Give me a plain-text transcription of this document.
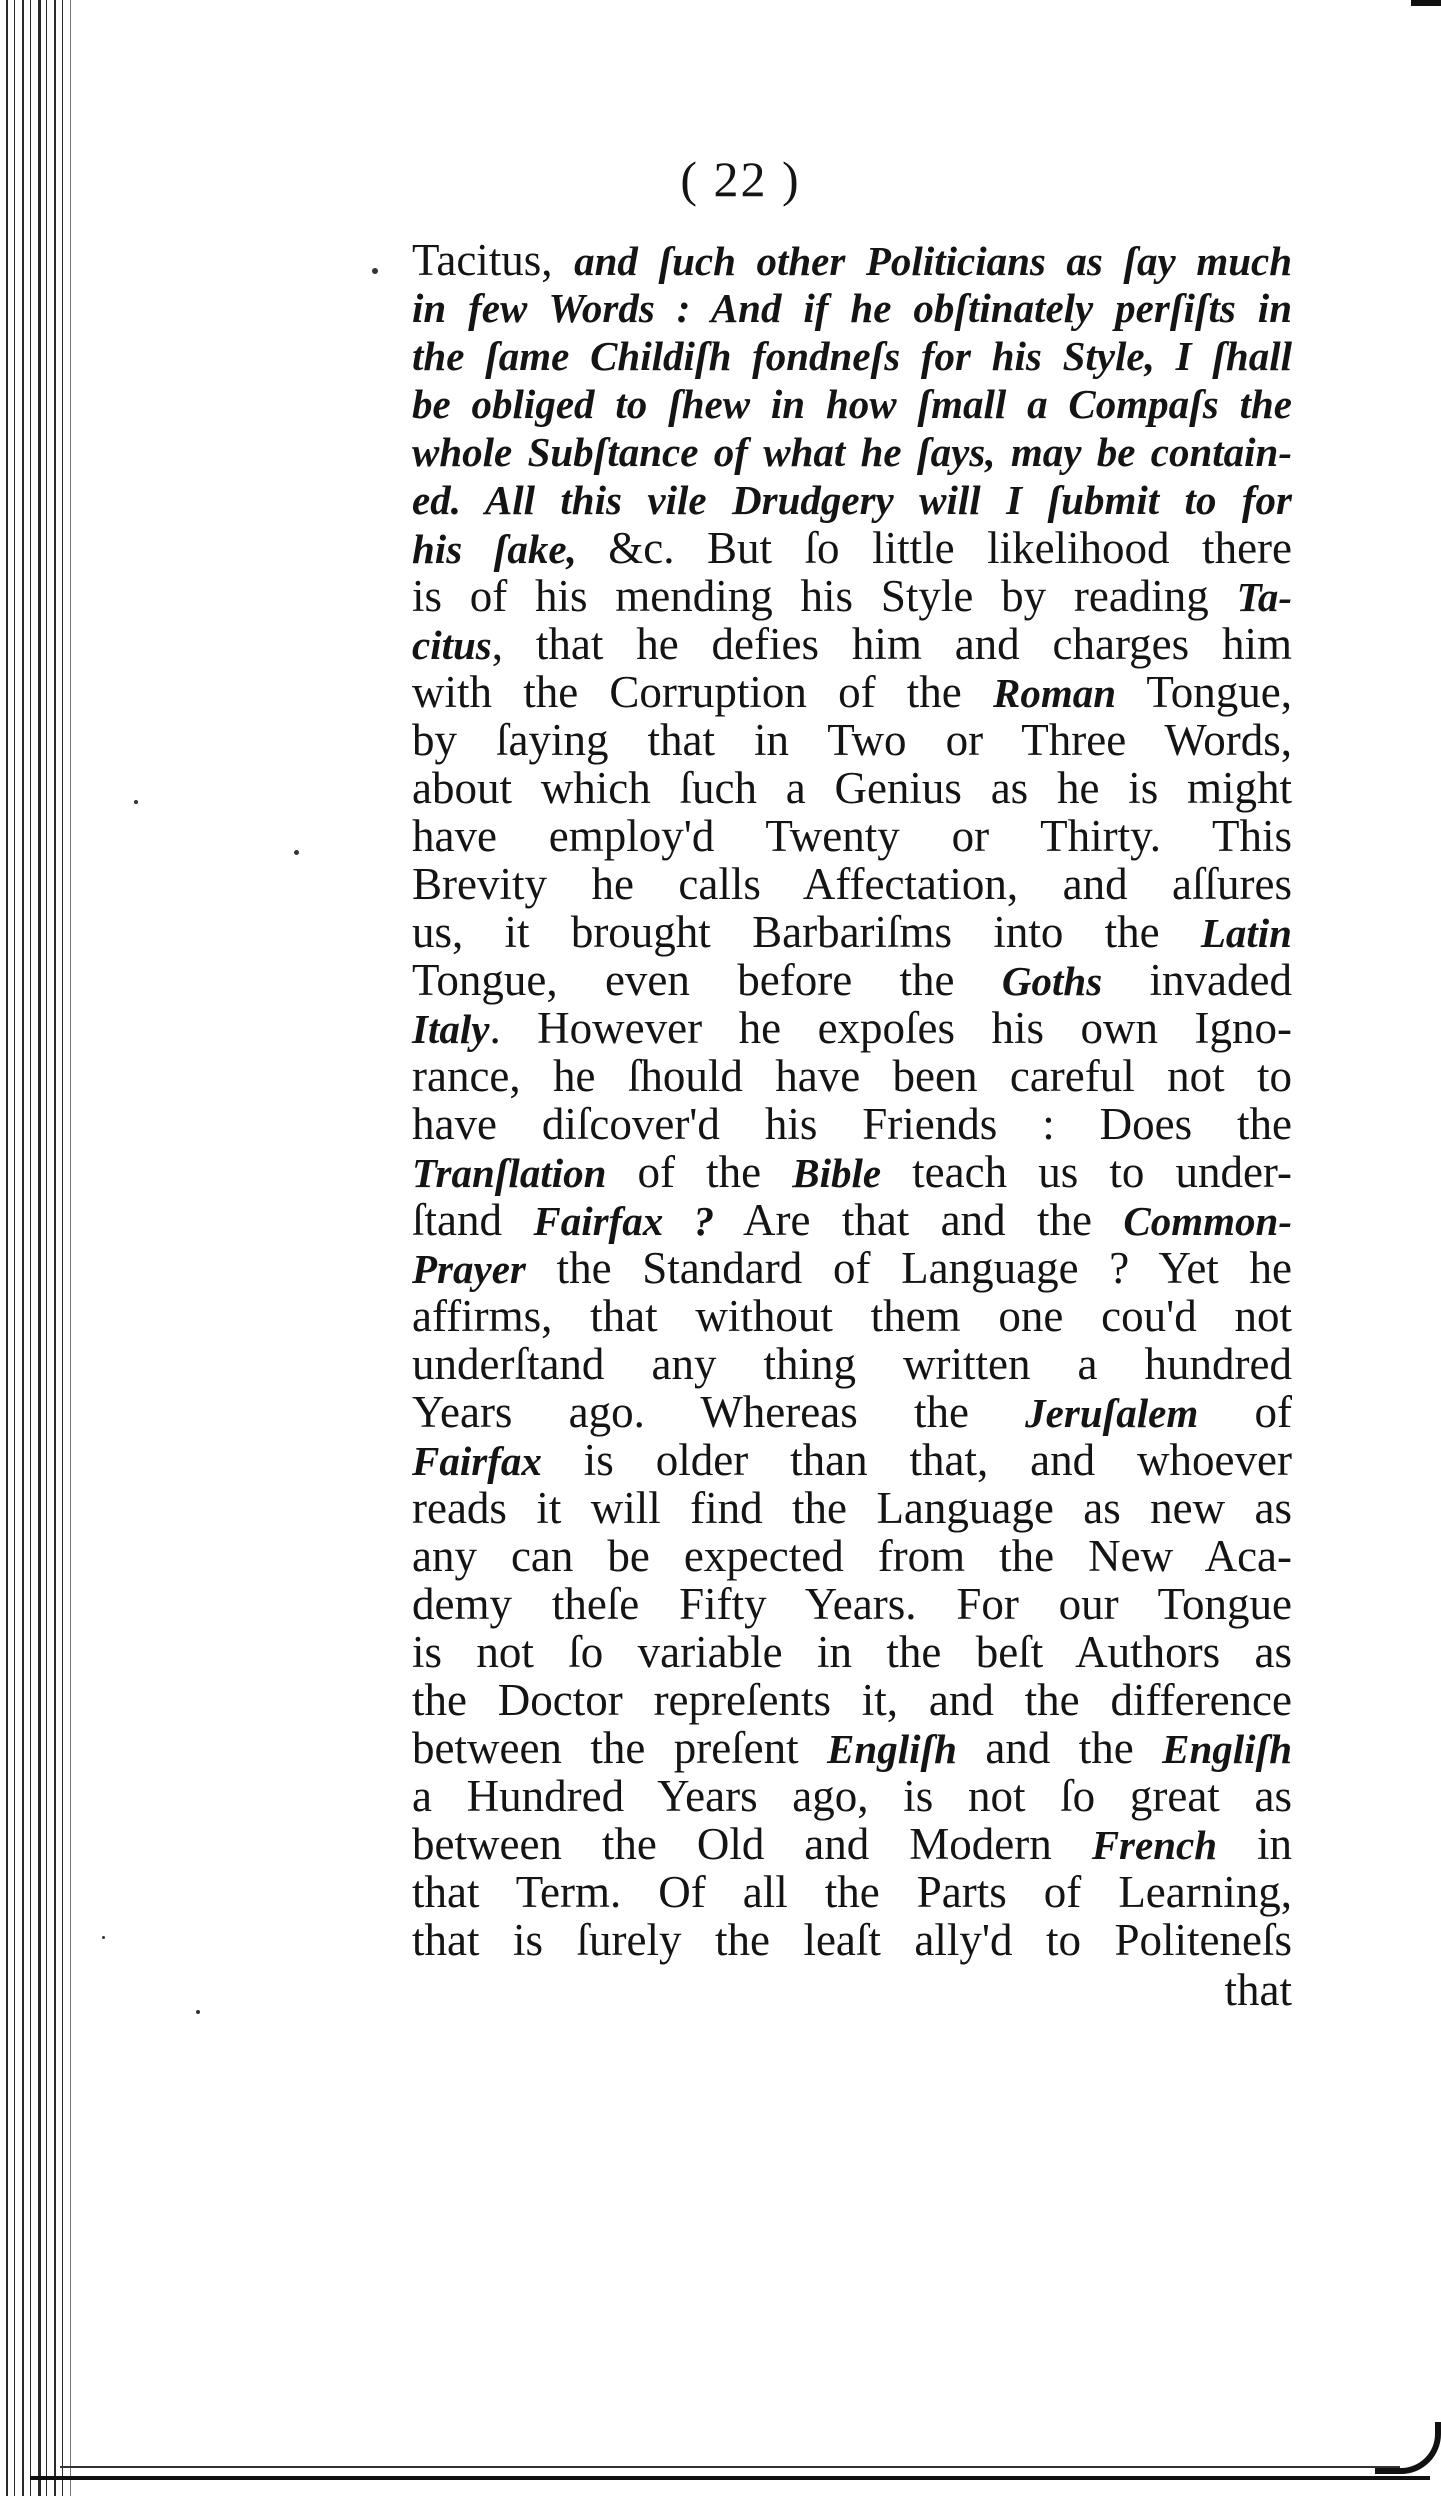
( 22 )
Tacitus, and ſuch other Politicians as ſay much
in few Words : And if he obſtinately perſiſts in
the ſame Childiſh fondneſs for his Style, I ſhall
be obliged to ſhew in how ſmall a Compaſs the
whole Subſtance of what he ſays, may be contain-
ed. All this vile Drudgery will I ſubmit to for
his ſake, &c. But ſo little likelihood there
is of his mending his Style by reading Ta-
citus, that he defies him and charges him
with the Corruption of the Roman Tongue,
by ſaying that in Two or Three Words,
about which ſuch a Genius as he is might
have employ'd Twenty or Thirty. This
Brevity he calls Affectation, and aſſures
us, it brought Barbariſms into the Latin
Tongue, even before the Goths invaded
Italy. However he expoſes his own Igno-
rance, he ſhould have been careful not to
have diſcover'd his Friends : Does the
Tranſlation of the Bible teach us to under-
ſtand Fairfax ? Are that and the Common-
Prayer the Standard of Language ? Yet he
affirms, that without them one cou'd not
underſtand any thing written a hundred
Years ago. Whereas the Jeruſalem of
Fairfax is older than that, and whoever
reads it will find the Language as new as
any can be expected from the New Aca-
demy theſe Fifty Years. For our Tongue
is not ſo variable in the beſt Authors as
the Doctor repreſents it, and the difference
between the preſent Engliſh and the Engliſh
a Hundred Years ago, is not ſo great as
between the Old and Modern French in
that Term. Of all the Parts of Learning,
that is ſurely the leaſt ally'd to Politeneſs
that
